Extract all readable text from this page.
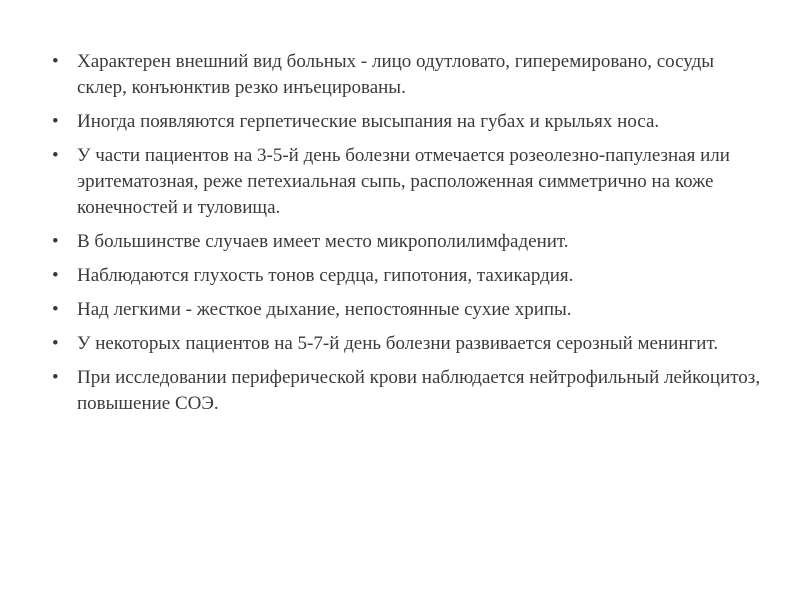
• Характерен внешний вид больных - лицо одутловато, гиперемировано, сосуды склер, конъюнктив резко инъецированы.
• Иногда появляются герпетические высыпания на губах и крыльях носа.
• У части пациентов на 3-5-й день болезни отмечается розеолезно-папулезная или эритематозная, реже петехиальная сыпь, расположенная симметрично на коже конечностей и туловища.
• В большинстве случаев имеет место микрополилимфаденит.
• Наблюдаются глухость тонов сердца, гипотония, тахикардия.
• Над легкими - жесткое дыхание, непостоянные сухие хрипы.
• У некоторых пациентов на 5-7-й день болезни развивается серозный менингит.
• При исследовании периферической крови наблюдается нейтрофильный лейкоцитоз, повышение СОЭ.
